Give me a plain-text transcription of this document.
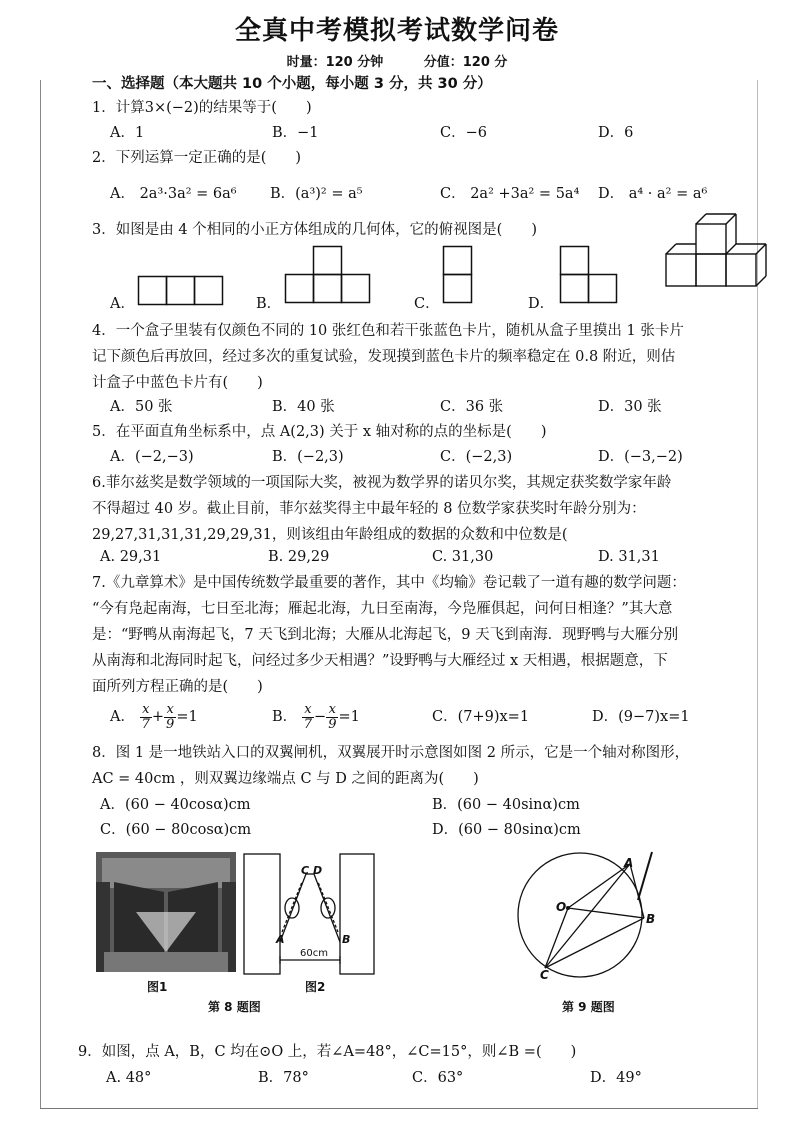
全真中考模拟考试数学问卷
时量：120 分钟	分值：120 分
一、选择题（本大题共 10 个小题，每小题 3 分，共 30 分）
1．计算3×(−2)的结果等于(　　)
A．1	B．−1	C．−6	D．6
2．下列运算一定正确的是(　　)
A． 2a³·3a² = 6a⁶ B．(a³)² = a⁵	C． 2a² +3a² = 5a⁴ D． a⁴ · a² = a⁶
3．如图是由 4 个相同的小正方体组成的几何体，它的俯视图是(　　)
A．	B．	C．	D．
4．一个盒子里装有仅颜色不同的 10 张红色和若干张蓝色卡片，随机从盒子里摸出 1 张卡片
记下颜色后再放回，经过多次的重复试验，发现摸到蓝色卡片的频率稳定在 0.8 附近，则估
计盒子中蓝色卡片有(　　)
A．50 张	B．40 张	C．36 张	D．30 张
5．在平面直角坐标系中，点 A(2,3) 关于 x 轴对称的点的坐标是(　　)
A．(−2,−3)	B．(−2,3)	C．(−2,3)	D．(−3,−2)
6.菲尔兹奖是数学领域的一项国际大奖，被视为数学界的诺贝尔奖，其规定获奖数学家年龄
不得超过 40 岁。截止目前，菲尔兹奖得主中最年轻的 8 位数学家获奖时年龄分别为：
29,27,31,31,31,29,29,31，则该组由年龄组成的数据的众数和中位数是(
A. 29,31	B. 29,29	C. 31,30	D. 31,31
7.《九章算术》是中国传统数学最重要的著作，其中《均输》卷记载了一道有趣的数学问题：
“今有凫起南海，七日至北海；雁起北海，九日至南海，今凫雁俱起，问何日相逢？”其大意
是：“野鸭从南海起飞，7 天飞到北海；大雁从北海起飞，9 天飞到南海．现野鸭与大雁分别
从南海和北海同时起飞，问经过多少天相遇？”设野鸭与大雁经过 x 天相遇，根据题意，下
面所列方程正确的是(　　)
A． $\frac{x}{7} + \frac{x}{9} =1$	B． $\frac{x}{7} - \frac{x}{9} =1$	C．(7+9)x=1	D．(9−7)x=1
8．图 1 是一地铁站入口的双翼闸机，双翼展开时示意图如图 2 所示，它是一个轴对称图形，
AC = 40cm ，则双翼边缘端点 C 与 D 之间的距离为(　　)
A．(60 − 40cosα)cm	B．(60 − 40sinα)cm
C．(60 − 80cosα)cm	D．(60 − 80sinα)cm
C D
A	B
60cm
图1	图2
第 8 题图
A
O
B
C
第 9 题图
9．如图，点 A，B，C 均在⊙O 上，若∠A=48°，∠C=15°，则∠B =(　　)
A. 48°	B．78°	C．63°	D．49°
